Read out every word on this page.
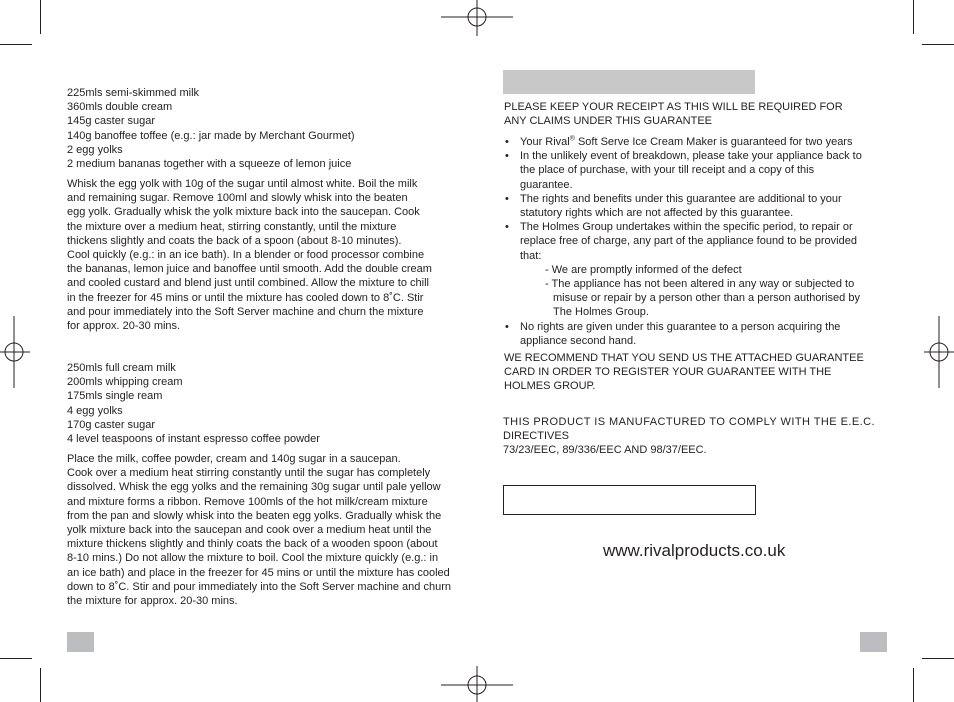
225mls semi-skimmed milk
360mls double cream
145g caster sugar
140g banoffee toffee (e.g.: jar made by Merchant Gourmet)
2 egg yolks
2 medium bananas together with a squeeze of lemon juice
Whisk the egg yolk with 10g of the sugar until almost white. Boil the milk
and remaining sugar. Remove 100ml and slowly whisk into the beaten
egg yolk. Gradually whisk the yolk mixture back into the saucepan. Cook
the mixture over a medium heat, stirring constantly, until the mixture
thickens slightly and coats the back of a spoon (about 8-10 minutes).
Cool quickly (e.g.: in an ice bath). In a blender or food processor combine
the bananas, lemon juice and banoffee until smooth. Add the double cream
and cooled custard and blend just until combined. Allow the mixture to chill
in the freezer for 45 mins or until the mixture has cooled down to 8˚C. Stir
and pour immediately into the Soft Server machine and churn the mixture
for approx. 20-30 mins.
250mls full cream milk
200mls whipping cream
175mls single ream
4 egg yolks
170g caster sugar
4 level teaspoons of instant espresso coffee powder
Place the milk, coffee powder, cream and 140g sugar in a saucepan.
Cook over a medium heat stirring constantly until the sugar has completely
dissolved. Whisk the egg yolks and the remaining 30g sugar until pale yellow
and mixture forms a ribbon. Remove 100mls of the hot milk/cream mixture
from the pan and slowly whisk into the beaten egg yolks. Gradually whisk the
yolk mixture back into the saucepan and cook over a medium heat until the
mixture thickens slightly and thinly coats the back of a wooden spoon (about
8-10 mins.) Do not allow the mixture to boil. Cool the mixture quickly (e.g.: in
an ice bath) and place in the freezer for 45 mins or until the mixture has cooled
down to 8˚C. Stir and pour immediately into the Soft Server machine and churn
the mixture for approx. 20-30 mins.
PLEASE KEEP YOUR RECEIPT AS THIS WILL BE REQUIRED FOR
ANY CLAIMS UNDER THIS GUARANTEE
• Your Rival® Soft Serve Ice Cream Maker is guaranteed for two years
• In the unlikely event of breakdown, please take your appliance back to
the place of purchase, with your till receipt and a copy of this
guarantee.
• The rights and benefits under this guarantee are additional to your
statutory rights which are not affected by this guarantee.
• The Holmes Group undertakes within the specific period, to repair or
replace free of charge, any part of the appliance found to be provided
that:
- We are promptly informed of the defect
- The appliance has not been altered in any way or subjected to
misuse or repair by a person other than a person authorised by
The Holmes Group.
• No rights are given under this guarantee to a person acquiring the
appliance second hand.
WE RECOMMEND THAT YOU SEND US THE ATTACHED GUARANTEE
CARD IN ORDER TO REGISTER YOUR GUARANTEE WITH THE
HOLMES GROUP.
THIS PRODUCT IS MANUFACTURED TO COMPLY WITH THE E.E.C.
DIRECTIVES
73/23/EEC, 89/336/EEC AND 98/37/EEC.
www.rivalproducts.co.uk
